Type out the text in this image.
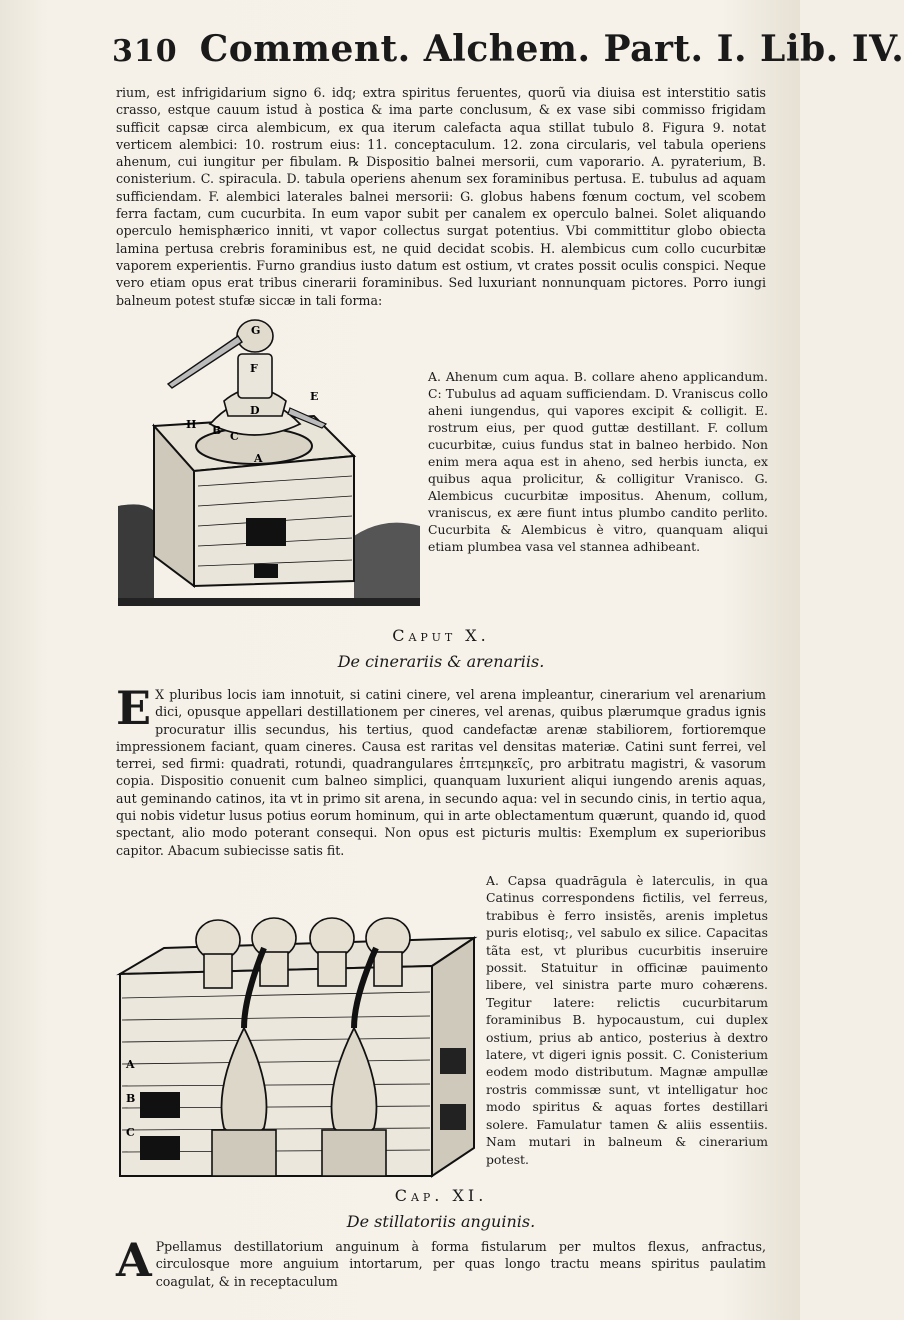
310 Comment. Alchem. Part. I. Lib. IV.

rium, est infrigidarium signo 6. idq; extra spiritus feruentes, quorũ via diuisa est interstitio satis crasso, estque cauum istud à postica & ima parte conclusum, & ex vase sibi commisso frigidam sufficit capsæ circa alembicum, ex qua iterum calefacta aqua stillat tubulo 8. Figura 9. notat verticem alembici: 10. rostrum eius: 11. conceptaculum. 12. zona circularis, vel tabula operiens ahenum, cui iungitur per fibulam. ℞ Dispositio balnei mersorii, cum vaporario. A. pyraterium, B. conisterium. C. spiracula. D. tabula operiens ahenum sex foraminibus pertusa. E. tubulus ad aquam sufficiendam. F. alembici laterales balnei mersorii: G. globus habens fœnum coctum, vel scobem ferra factam, cum cucurbita. In eum vapor subit per canalem ex operculo balnei. Solet aliquando operculo hemisphærico inniti, vt vapor collectus surgat potentius. Vbi committitur globo obiecta lamina pertusa crebris foraminibus est, ne quid decidat scobis. H. alembicus cum collo cucurbitæ vaporem experientis. Furno grandius iusto datum est ostium, vt crates possit oculis conspici. Neque vero etiam opus erat tribus cinerarii foraminibus. Sed luxuriant nonnunquam pictores. Porro iungi balneum potest stufæ siccæ in tali forma:

G
F
E
D
H B C
A

A. Ahenum cum aqua. B. collare aheno applicandum. C: Tubulus ad aquam sufficiendam. D. Vraniscus collo aheni iungendus, qui vapores excipit & colligit. E. rostrum eius, per quod guttæ destillant. F. collum cucurbitæ, cuius fundus stat in balneo herbido. Non enim mera aqua est in aheno, sed herbis iuncta, ex quibus aqua prolicitur, & colligitur Vranisco. G. Alembicus cucurbitæ impositus. Ahenum, collum, vraniscus, ex ære fiunt intus plumbo candito perlito. Cucurbita & Alembicus è vitro, quanquam aliqui etiam plumbea vasa vel stannea adhibeant.

Caput X.
De cinerariis & arenariis.

E X pluribus locis iam innotuit, si catini cinere, vel arena impleantur, cinerarium vel arenarium dici, opusque appellari destillationem per cineres, vel arenas, quibus plærumque gradus ignis procuratur illis secundus, his tertius, quod candefactæ arenæ stabiliorem, fortioremque impressionem faciant, quam cineres. Causa est raritas vel densitas materiæ. Catini sunt ferrei, vel terrei, sed firmi: quadrati, rotundi, quadrangulares ἑπτεμηκεῖς, pro arbitratu magistri, & vasorum copia. Dispositio conuenit cum balneo simplici, quanquam luxurient aliqui iungendo arenis aquas, aut geminando catinos, ita vt in primo sit arena, in secundo aqua: vel in secundo cinis, in tertio aqua, qui nobis videtur lusus potius eorum hominum, qui in arte oblectamentum quærunt, quando id, quod spectant, alio modo poterant consequi. Non opus est picturis multis: Exemplum ex superioribus capitor. Abacum subiecisse satis fit.

A
B
C

A. Capsa quadrāgula è laterculis, in qua Catinus correspondens fictilis, vel ferreus, trabibus è ferro insistẽs, arenis impletus puris elotisq;, vel sabulo ex silice. Capacitas tãta est, vt pluribus cucurbitis inseruire possit. Statuitur in officinæ pauimento libere, vel sinistra parte muro cohærens. Tegitur latere: relictis cucurbitarum foraminibus B. hypocaustum, cui duplex ostium, prius ab antico, posterius à dextro latere, vt digeri ignis possit. C. Conisterium eodem modo distributum. Magnæ ampullæ rostris commissæ sunt, vt intelligatur hoc modo spiritus & aquas fortes destillari solere. Famulatur tamen & aliis essentiis. Nam mutari in balneum & cinerarium potest.

Cap. XI.
De stillatoriis anguinis.

A Ppellamus destillatorium anguinum à forma fistularum per multos flexus, anfractus, circulosque more anguium intortarum, per quas longo tractu means spiritus paulatim coagulat, & in receptaculum
